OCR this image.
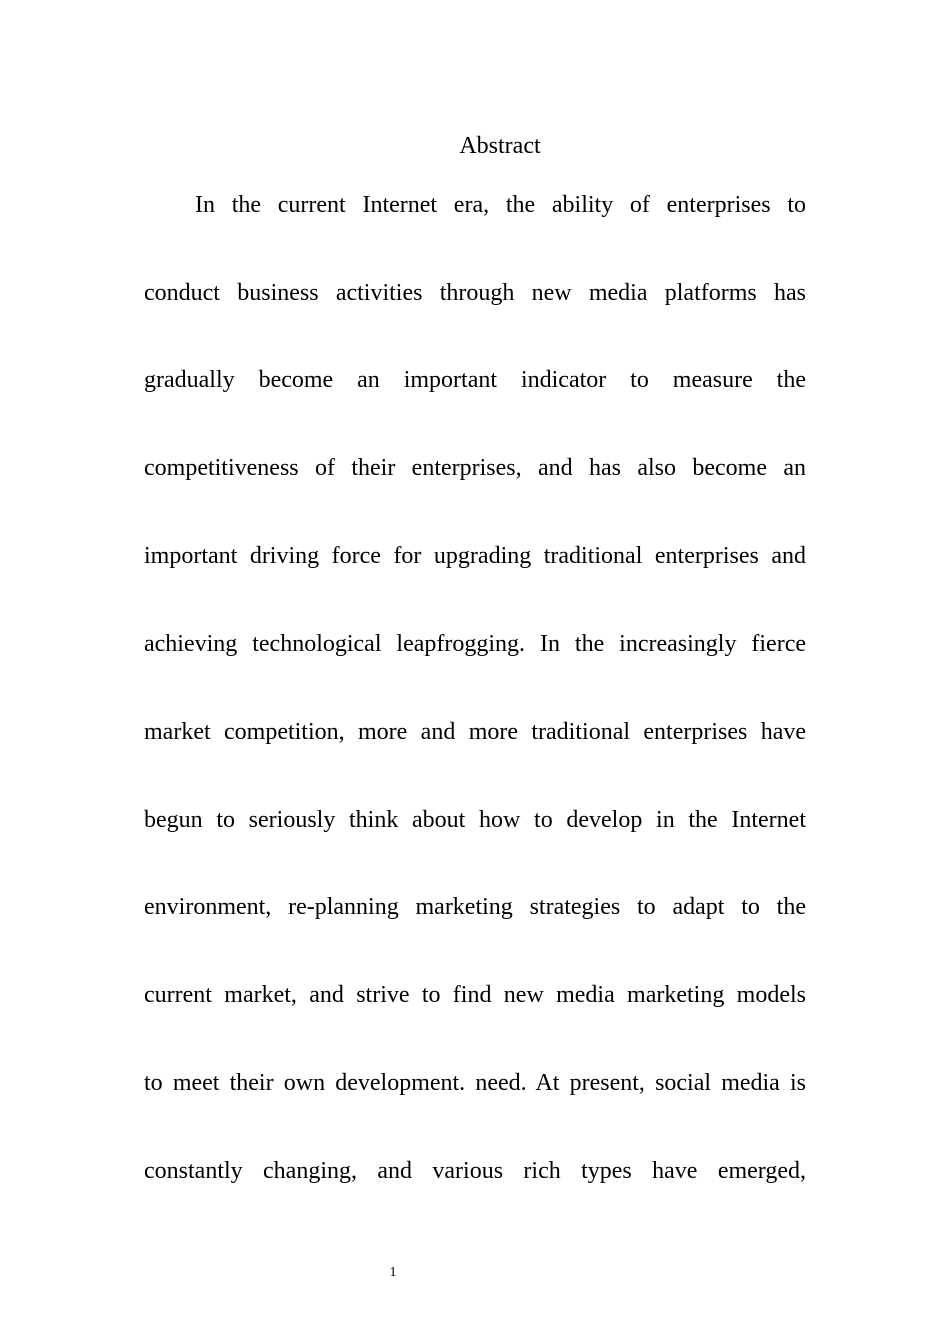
Abstract
In the current Internet era, the ability of enterprises to
conduct business activities through new media platforms has
gradually become an important indicator to measure the
competitiveness of their enterprises, and has also become an
important driving force for upgrading traditional enterprises and
achieving technological leapfrogging. In the increasingly fierce
market competition, more and more traditional enterprises have
begun to seriously think about how to develop in the Internet
environment, re-planning marketing strategies to adapt to the
current market, and strive to find new media marketing models
to meet their own development. need. At present, social media is
constantly changing, and various rich types have emerged,
1
